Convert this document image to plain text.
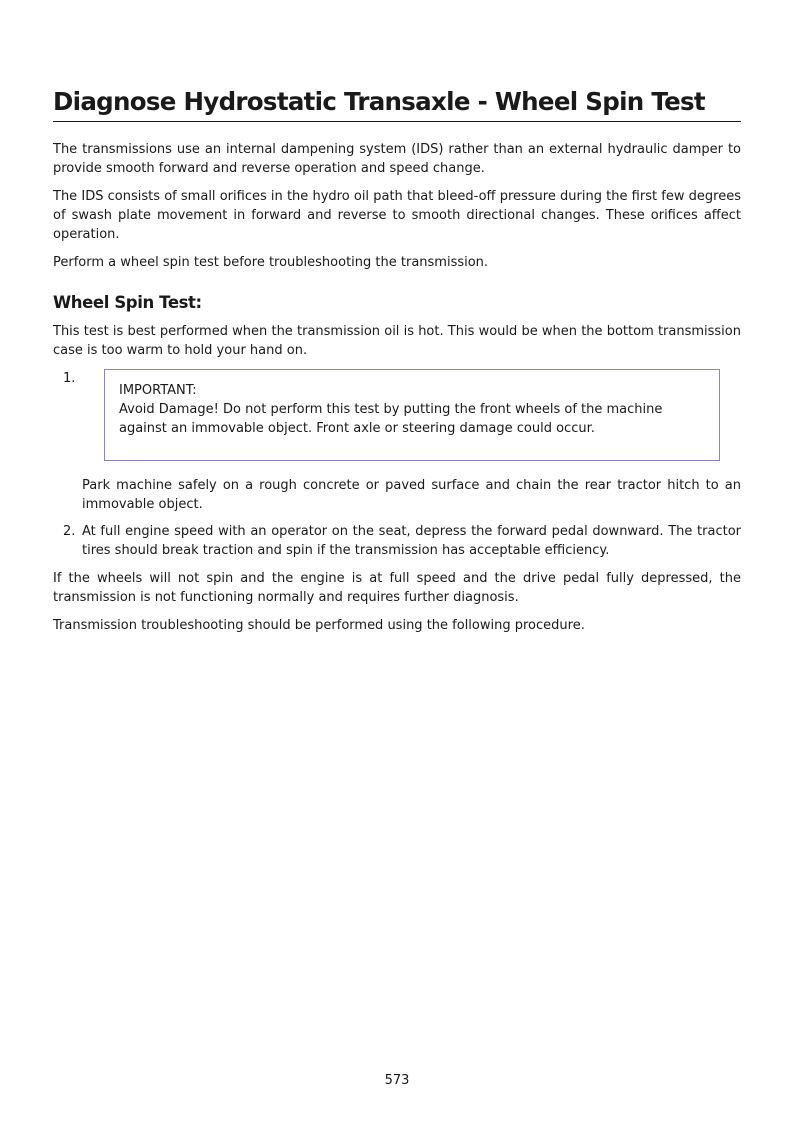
Diagnose Hydrostatic Transaxle - Wheel Spin Test

The transmissions use an internal dampening system (IDS) rather than an external hydraulic damper to provide smooth forward and reverse operation and speed change.

The IDS consists of small orifices in the hydro oil path that bleed-off pressure during the first few degrees of swash plate movement in forward and reverse to smooth directional changes. These orifices affect operation.

Perform a wheel spin test before troubleshooting the transmission.

Wheel Spin Test:

This test is best performed when the transmission oil is hot. This would be when the bottom transmission case is too warm to hold your hand on.

1.
IMPORTANT:
Avoid Damage! Do not perform this test by putting the front wheels of the machine against an immovable object. Front axle or steering damage could occur.
Park machine safely on a rough concrete or paved surface and chain the rear tractor hitch to an immovable object.
2. At full engine speed with an operator on the seat, depress the forward pedal downward. The tractor tires should break traction and spin if the transmission has acceptable efficiency.

If the wheels will not spin and the engine is at full speed and the drive pedal fully depressed, the transmission is not functioning normally and requires further diagnosis.

Transmission troubleshooting should be performed using the following procedure.

573
